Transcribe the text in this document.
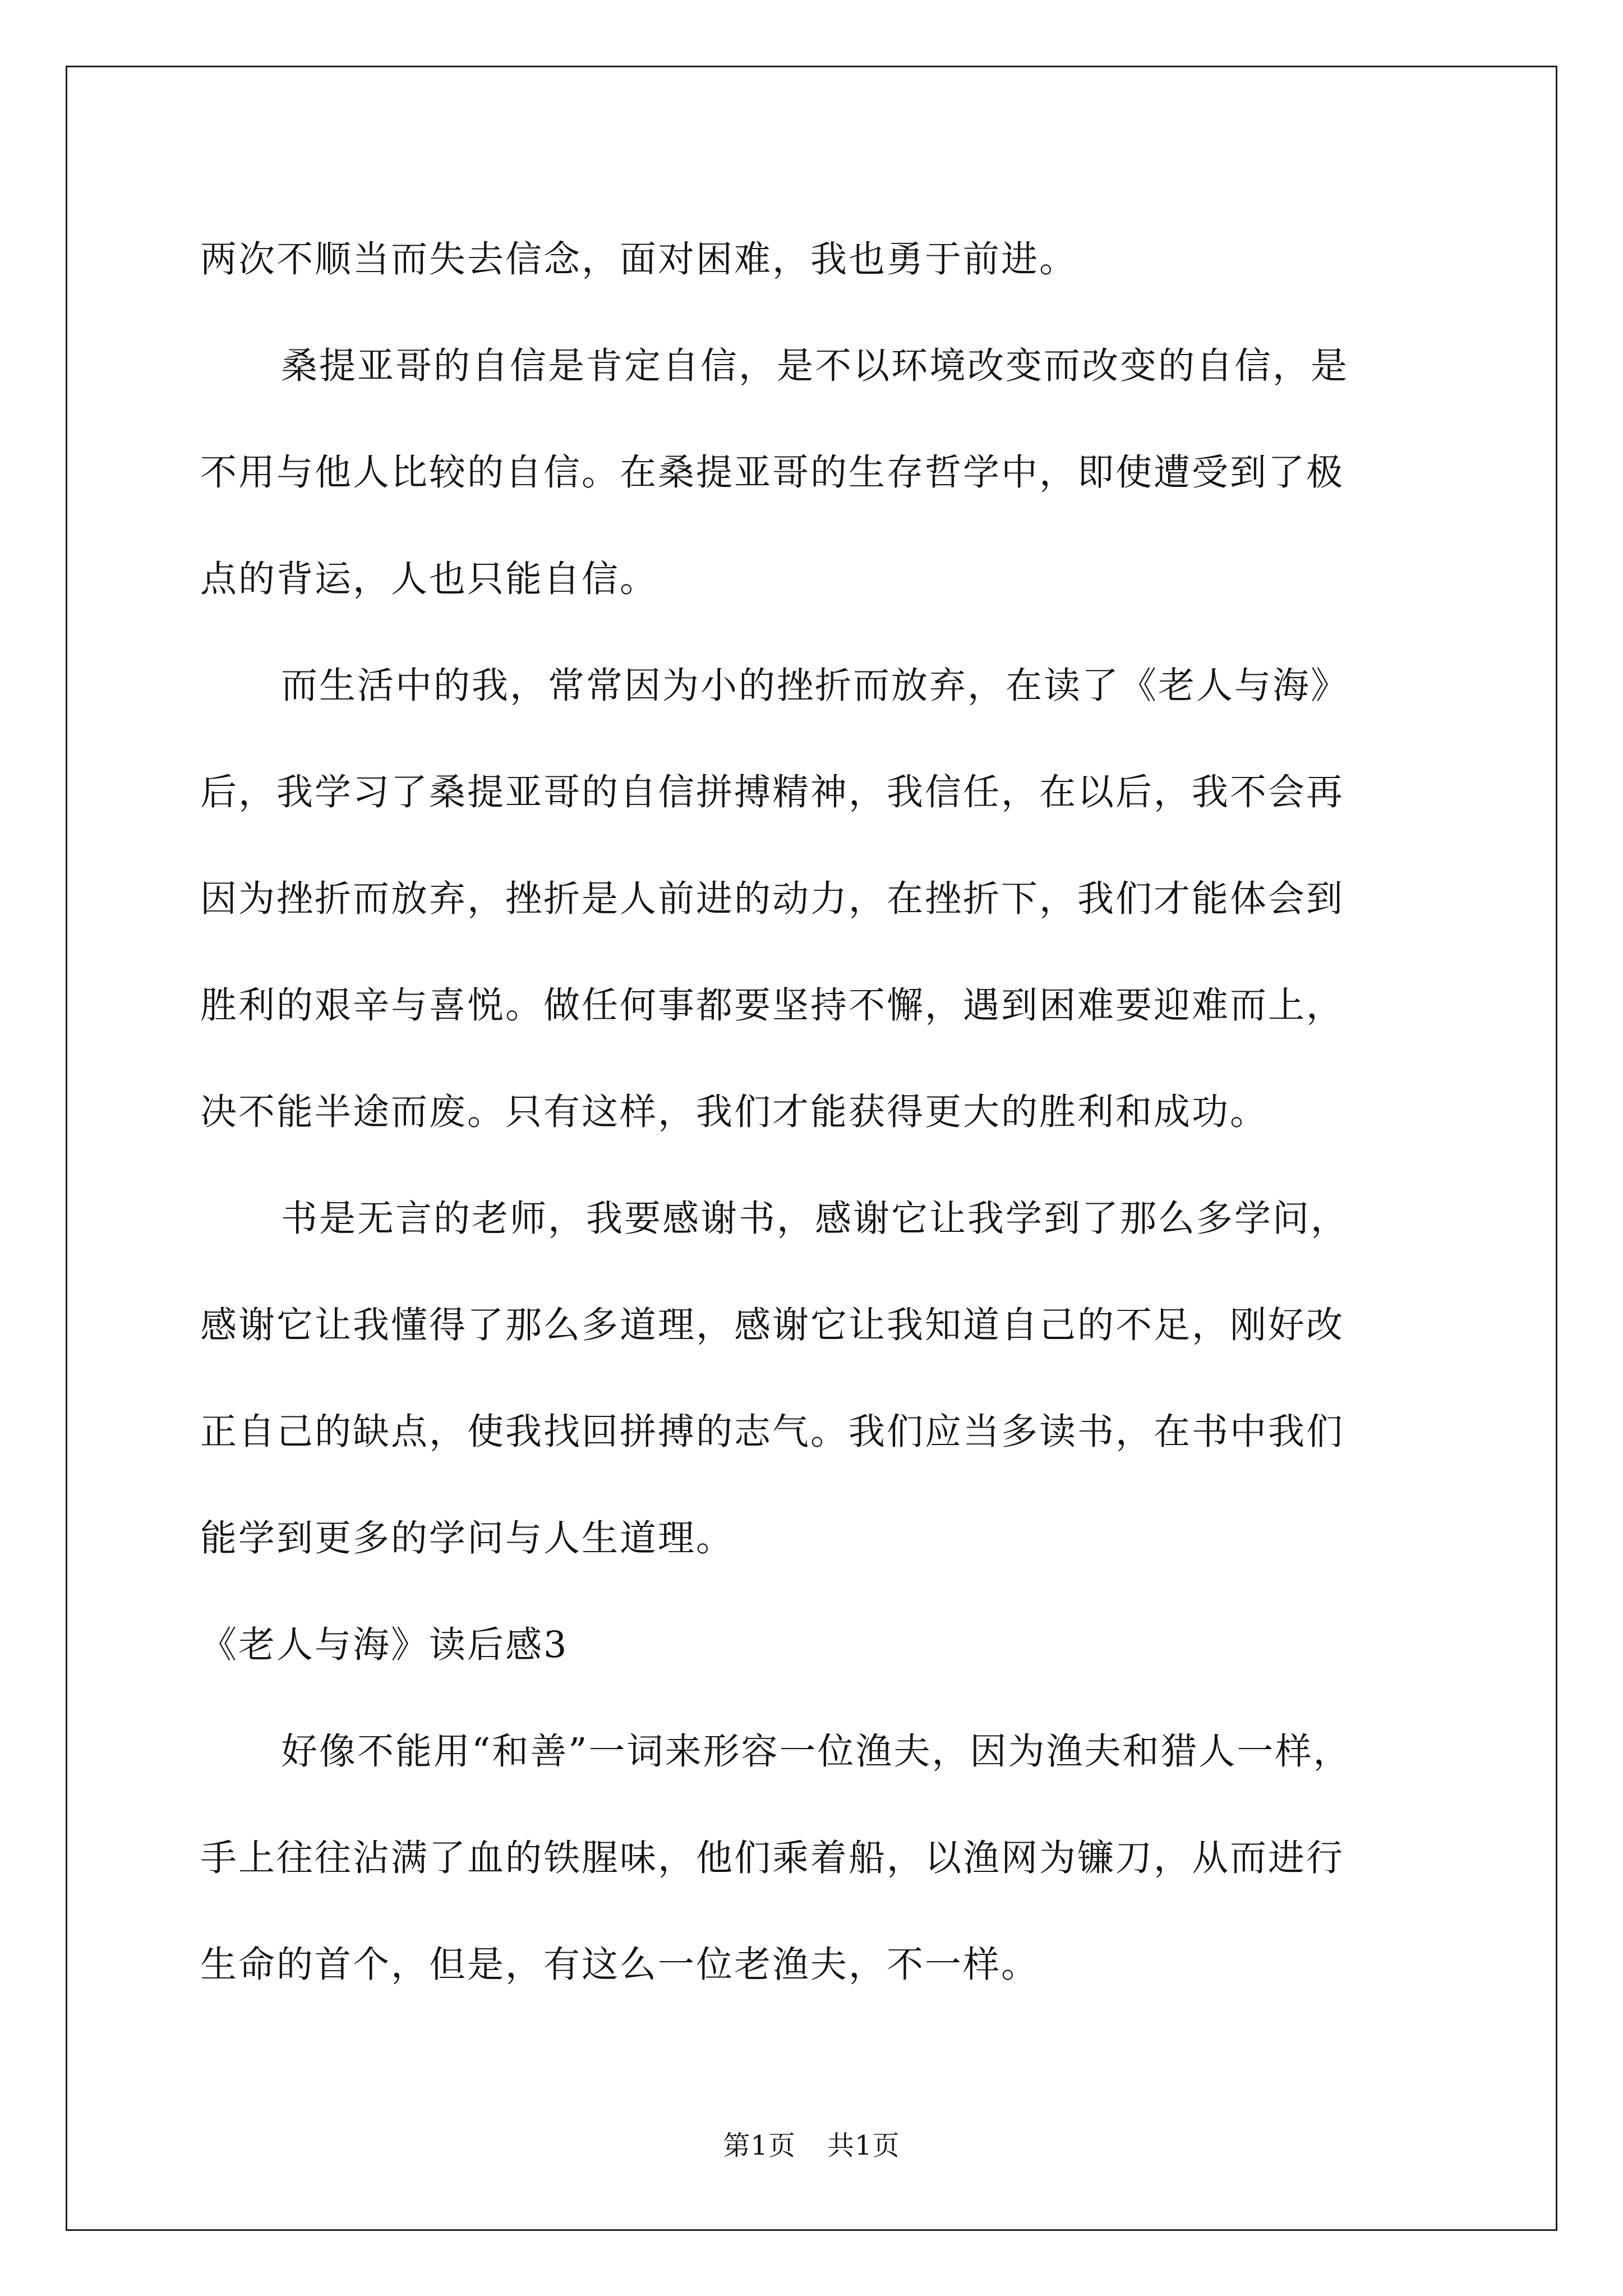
两次不顺当而失去信念，面对困难，我也勇于前进。

桑提亚哥的自信是肯定自信，是不以环境改变而改变的自信，是

不用与他人比较的自信。在桑提亚哥的生存哲学中，即使遭受到了极

点的背运，人也只能自信。

而生活中的我，常常因为小的挫折而放弃，在读了《老人与海》

后，我学习了桑提亚哥的自信拼搏精神，我信任，在以后，我不会再

因为挫折而放弃，挫折是人前进的动力，在挫折下，我们才能体会到

胜利的艰辛与喜悦。做任何事都要坚持不懈，遇到困难要迎难而上，

决不能半途而废。只有这样，我们才能获得更大的胜利和成功。

书是无言的老师，我要感谢书，感谢它让我学到了那么多学问，

感谢它让我懂得了那么多道理，感谢它让我知道自己的不足，刚好改

正自己的缺点，使我找回拼搏的志气。我们应当多读书，在书中我们

能学到更多的学问与人生道理。

《老人与海》读后感3

好像不能用“和善”一词来形容一位渔夫，因为渔夫和猎人一样，

手上往往沾满了血的铁腥味，他们乘着船，以渔网为镰刀，从而进行

生命的首个，但是，有这么一位老渔夫，不一样。

第1页 共1页
